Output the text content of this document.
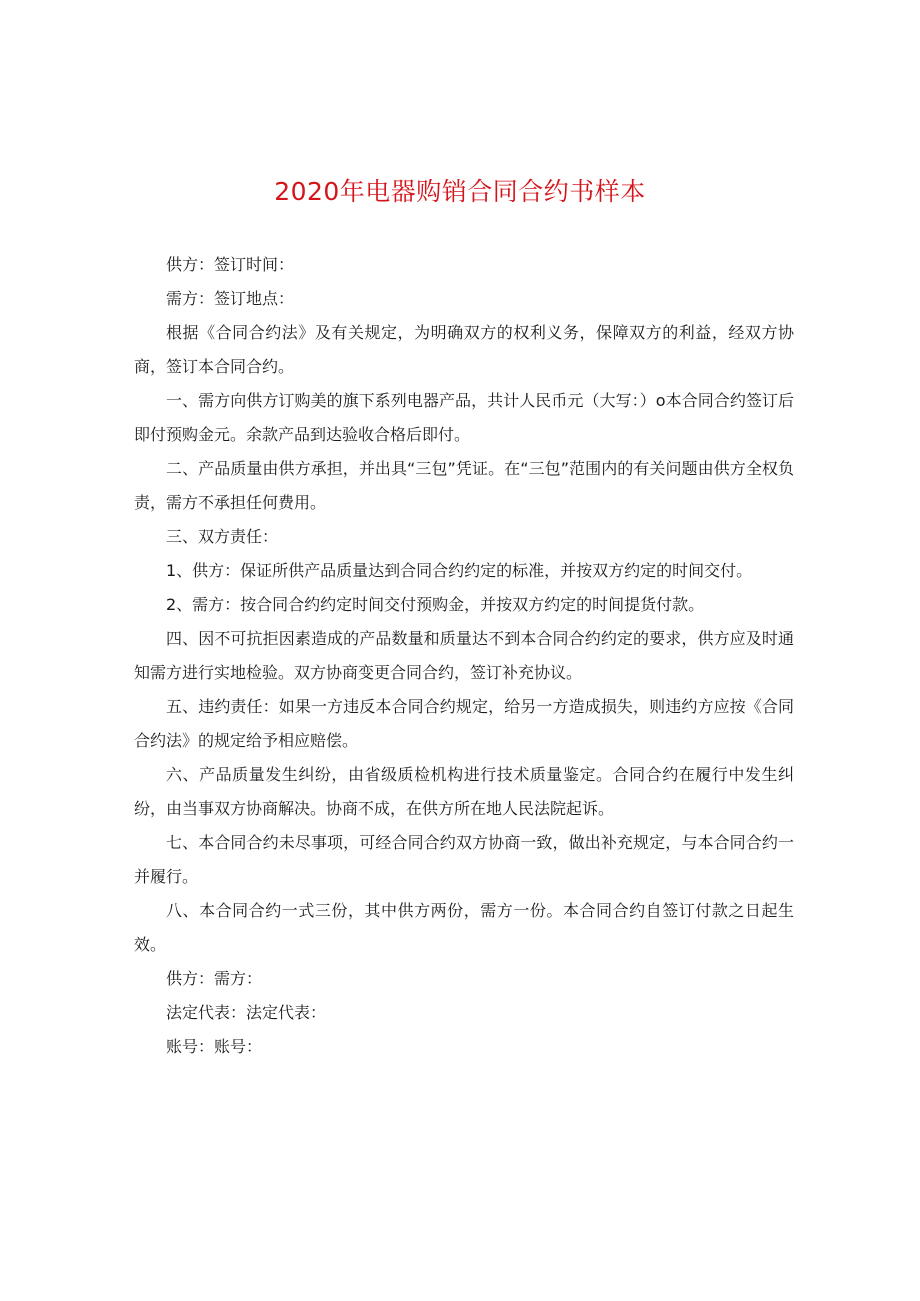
2020年电器购销合同合约书样本

供方：签订时间：

需方：签订地点：

根据《合同合约法》及有关规定，为明确双方的权利义务，保障双方的利益，经双方协商，签订本合同合约。

一、需方向供方订购美的旗下系列电器产品，共计人民币元（大写：）o本合同合约签订后即付预购金元。余款产品到达验收合格后即付。

二、产品质量由供方承担，并出具“三包”凭证。在“三包”范围内的有关问题由供方全权负责，需方不承担任何费用。

三、双方责任：

1、供方：保证所供产品质量达到合同合约约定的标准，并按双方约定的时间交付。

2、需方：按合同合约约定时间交付预购金，并按双方约定的时间提货付款。

四、因不可抗拒因素造成的产品数量和质量达不到本合同合约约定的要求，供方应及时通知需方进行实地检验。双方协商变更合同合约，签订补充协议。

五、违约责任：如果一方违反本合同合约规定，给另一方造成损失，则违约方应按《合同合约法》的规定给予相应赔偿。

六、产品质量发生纠纷，由省级质检机构进行技术质量鉴定。合同合约在履行中发生纠纷，由当事双方协商解决。协商不成，在供方所在地人民法院起诉。

七、本合同合约未尽事项，可经合同合约双方协商一致，做出补充规定，与本合同合约一并履行。

八、本合同合约一式三份，其中供方两份，需方一份。本合同合约自签订付款之日起生效。

供方：需方：

法定代表：法定代表：

账号：账号：
